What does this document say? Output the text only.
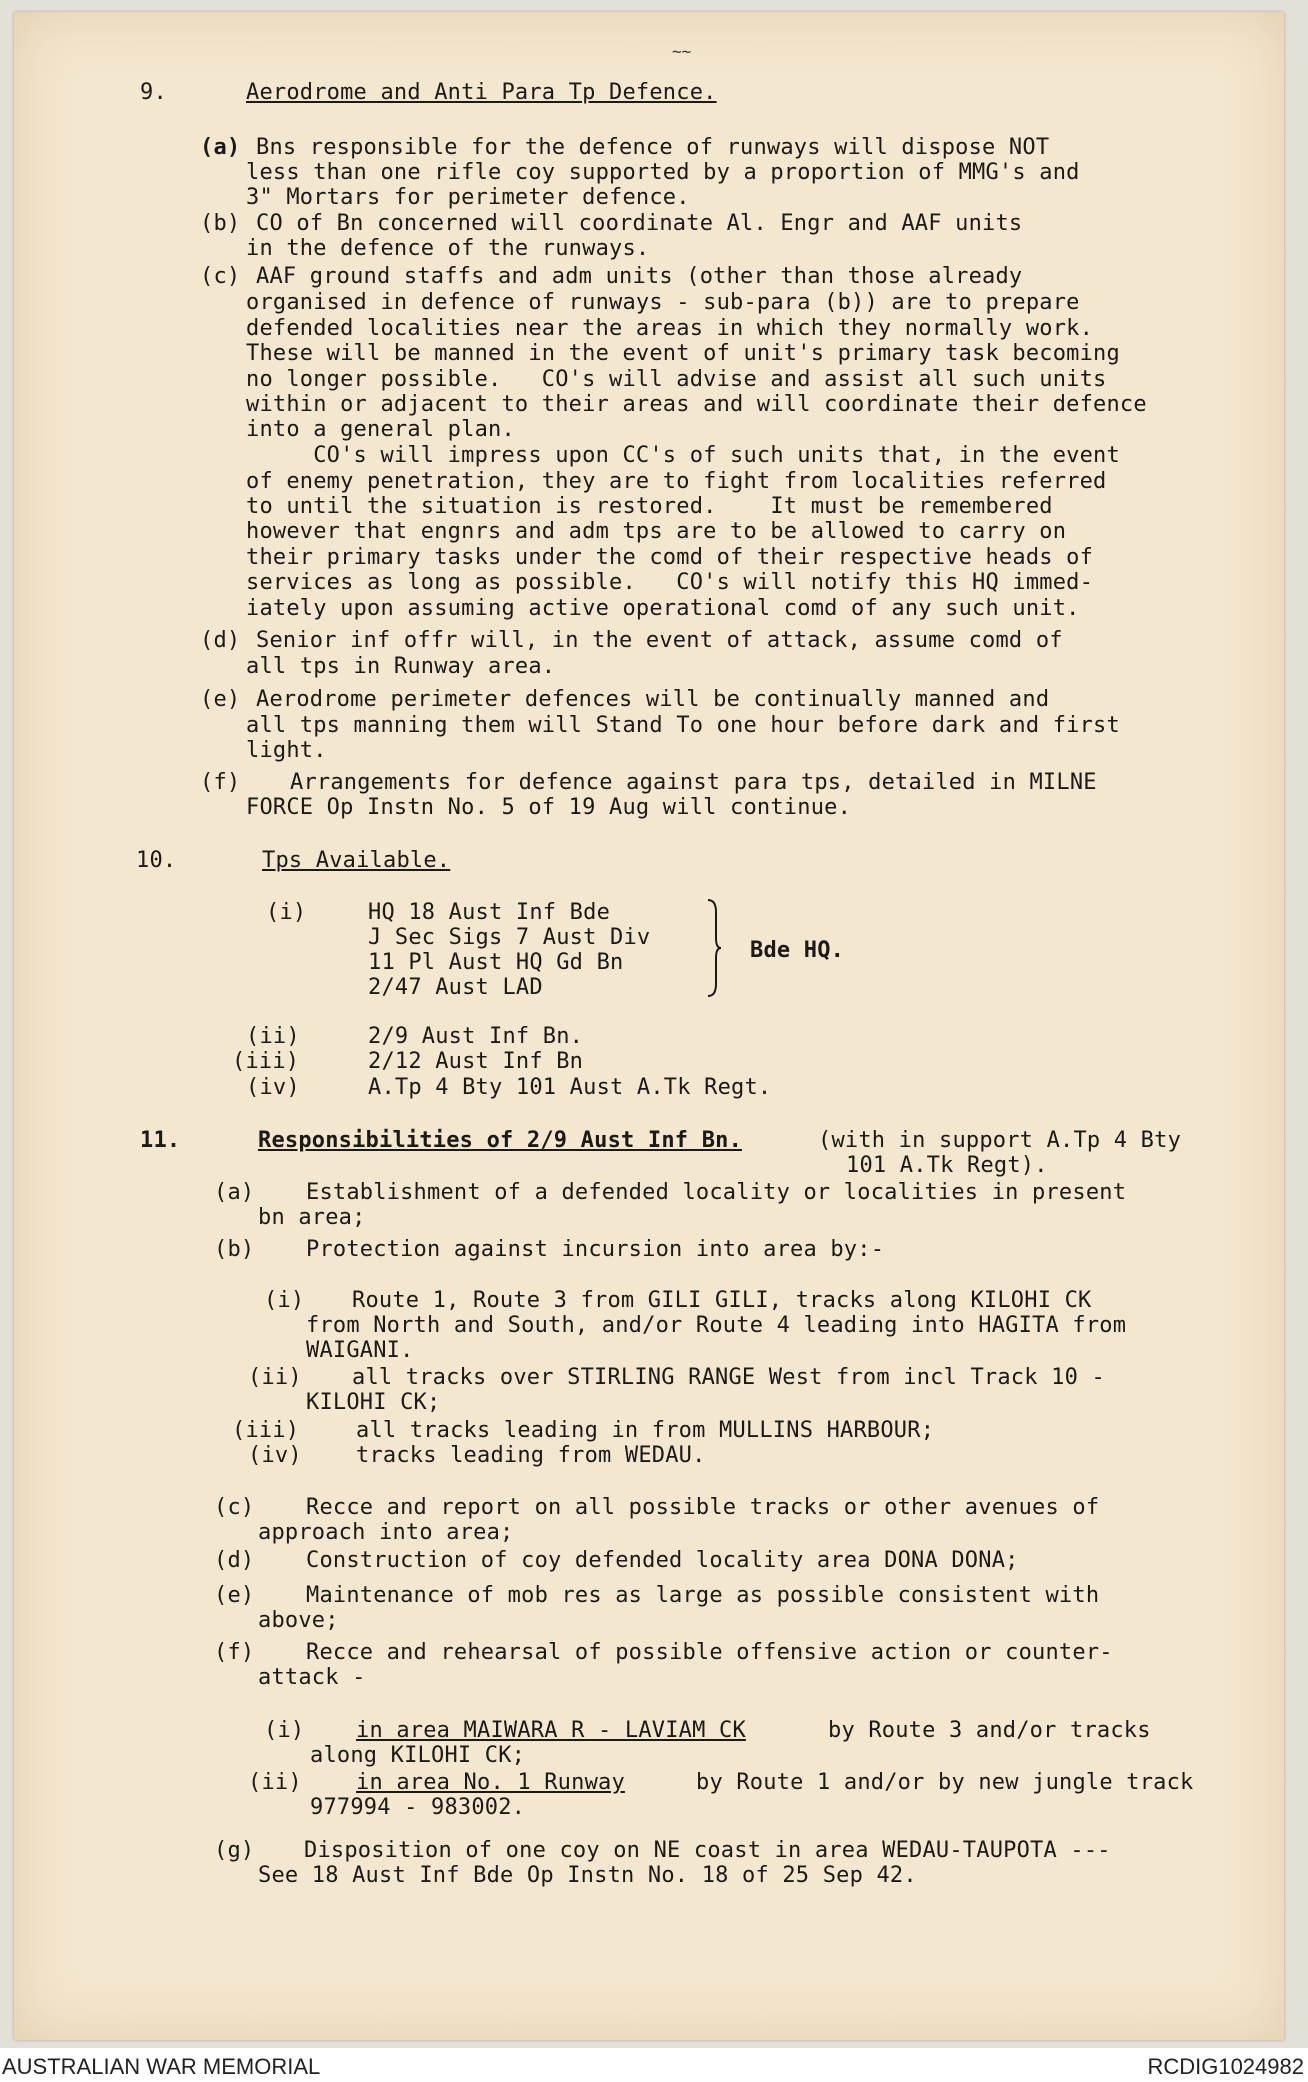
~~
9.	Aerodrome and Anti Para Tp Defence.
(a) Bns responsible for the defence of runways will dispose NOT
less than one rifle coy supported by a proportion of MMG's and
3" Mortars for perimeter defence.
(b) CO of Bn concerned will coordinate Al. Engr and AAF units
in the defence of the runways.
(c) AAF ground staffs and adm units (other than those already
organised in defence of runways - sub-para (b)) are to prepare
defended localities near the areas in which they normally work.
These will be manned in the event of unit's primary task becoming
no longer possible.   CO's will advise and assist all such units
within or adjacent to their areas and will coordinate their defence
into a general plan.
CO's will impress upon CC's of such units that, in the event
of enemy penetration, they are to fight from localities referred
to until the situation is restored.    It must be remembered
however that engnrs and adm tps are to be allowed to carry on
their primary tasks under the comd of their respective heads of
services as long as possible.   CO's will notify this HQ immed-
iately upon assuming active operational comd of any such unit.
(d) Senior inf offr will, in the event of attack, assume comd of
all tps in Runway area.
(e) Aerodrome perimeter defences will be continually manned and
all tps manning them will Stand To one hour before dark and first
light.
(f) Arrangements for defence against para tps, detailed in MILNE
FORCE Op Instn No. 5 of 19 Aug will continue.
10.	Tps Available.
(i)	HQ 18 Aust Inf Bde
J Sec Sigs 7 Aust Div
11 Pl Aust HQ Gd Bn
2/47 Aust LAD
Bde HQ.
(ii)	2/9 Aust Inf Bn.
(iii)	2/12 Aust Inf Bn
(iv)	A.Tp 4 Bty 101 Aust A.Tk Regt.
11.	Responsibilities of 2/9 Aust Inf Bn.	(with in support A.Tp 4 Bty
101 A.Tk Regt).
(a) Establishment of a defended locality or localities in present
bn area;
(b) Protection against incursion into area by:-
(i) Route 1, Route 3 from GILI GILI, tracks along KILOHI CK
from North and South, and/or Route 4 leading into HAGITA from
WAIGANI.
(ii) all tracks over STIRLING RANGE West from incl Track 10 -
KILOHI CK;
(iii)	all tracks leading in from MULLINS HARBOUR;
(iv) tracks leading from WEDAU.
(c) Recce and report on all possible tracks or other avenues of
approach into area;
(d) Construction of coy defended locality area DONA DONA;
(e) Maintenance of mob res as large as possible consistent with
above;
(f) Recce and rehearsal of possible offensive action or counter-
attack -
(i) in area MAIWARA R - LAVIAM CK	by Route 3 and/or tracks
along KILOHI CK;
(ii) in area No. 1 Runway	by Route 1 and/or by new jungle track
977994 - 983002.
(g) Disposition of one coy on NE coast in area WEDAU-TAUPOTA ---
See 18 Aust Inf Bde Op Instn No. 18 of 25 Sep 42.
AUSTRALIAN WAR MEMORIAL	RCDIG1024982
